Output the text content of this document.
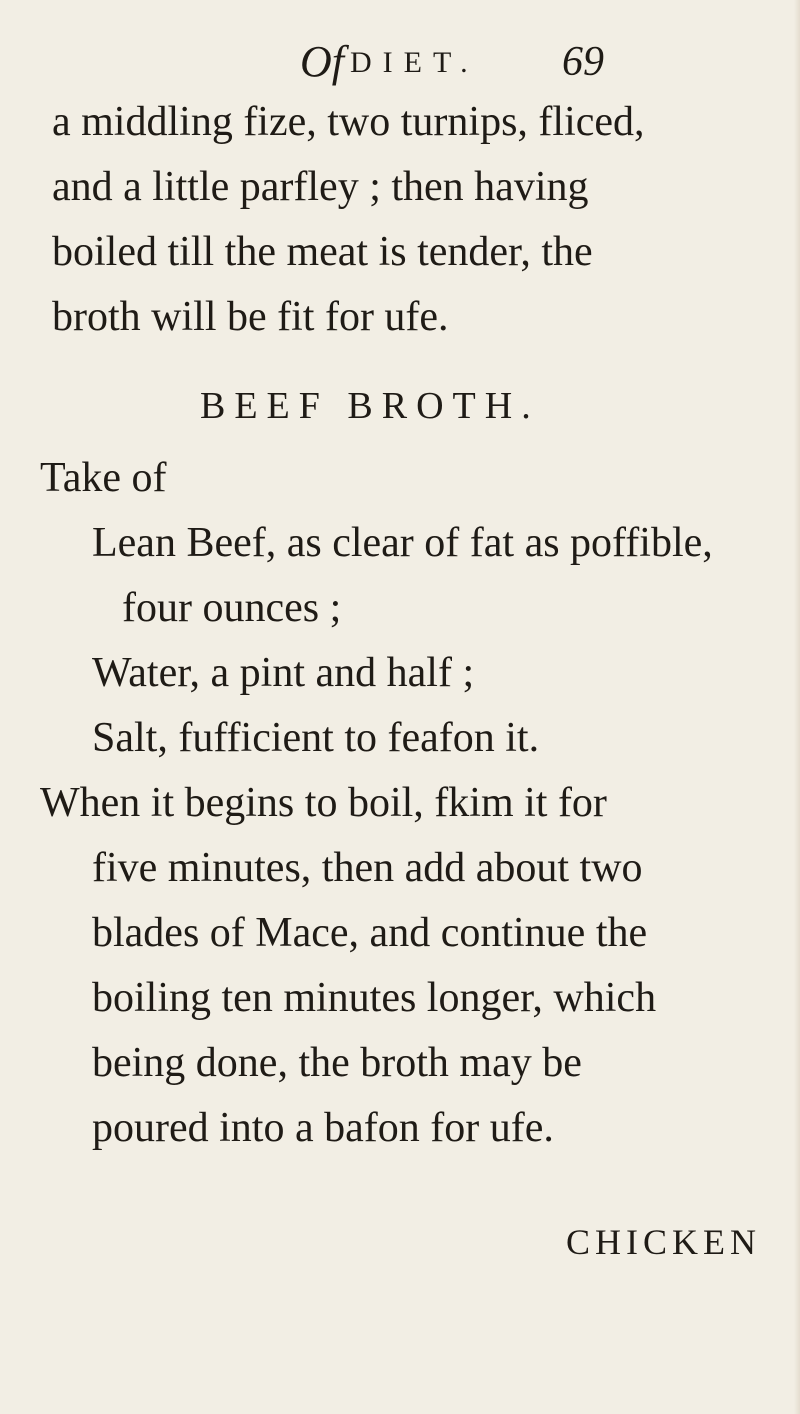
Of DIET. 69
a middling fize, two turnips, fliced,
and a little parfley ; then having
boiled till the meat is tender, the
broth will be fit for ufe.
BEEF BROTH.
Take of
Lean Beef, as clear of fat as poffible,
four ounces ;
Water, a pint and half ;
Salt, fufficient to feafon it.
When it begins to boil, fkim it for
five minutes, then add about two
blades of Mace, and continue the
boiling ten minutes longer, which
being done, the broth may be
poured into a bafon for ufe.
CHICKEN
